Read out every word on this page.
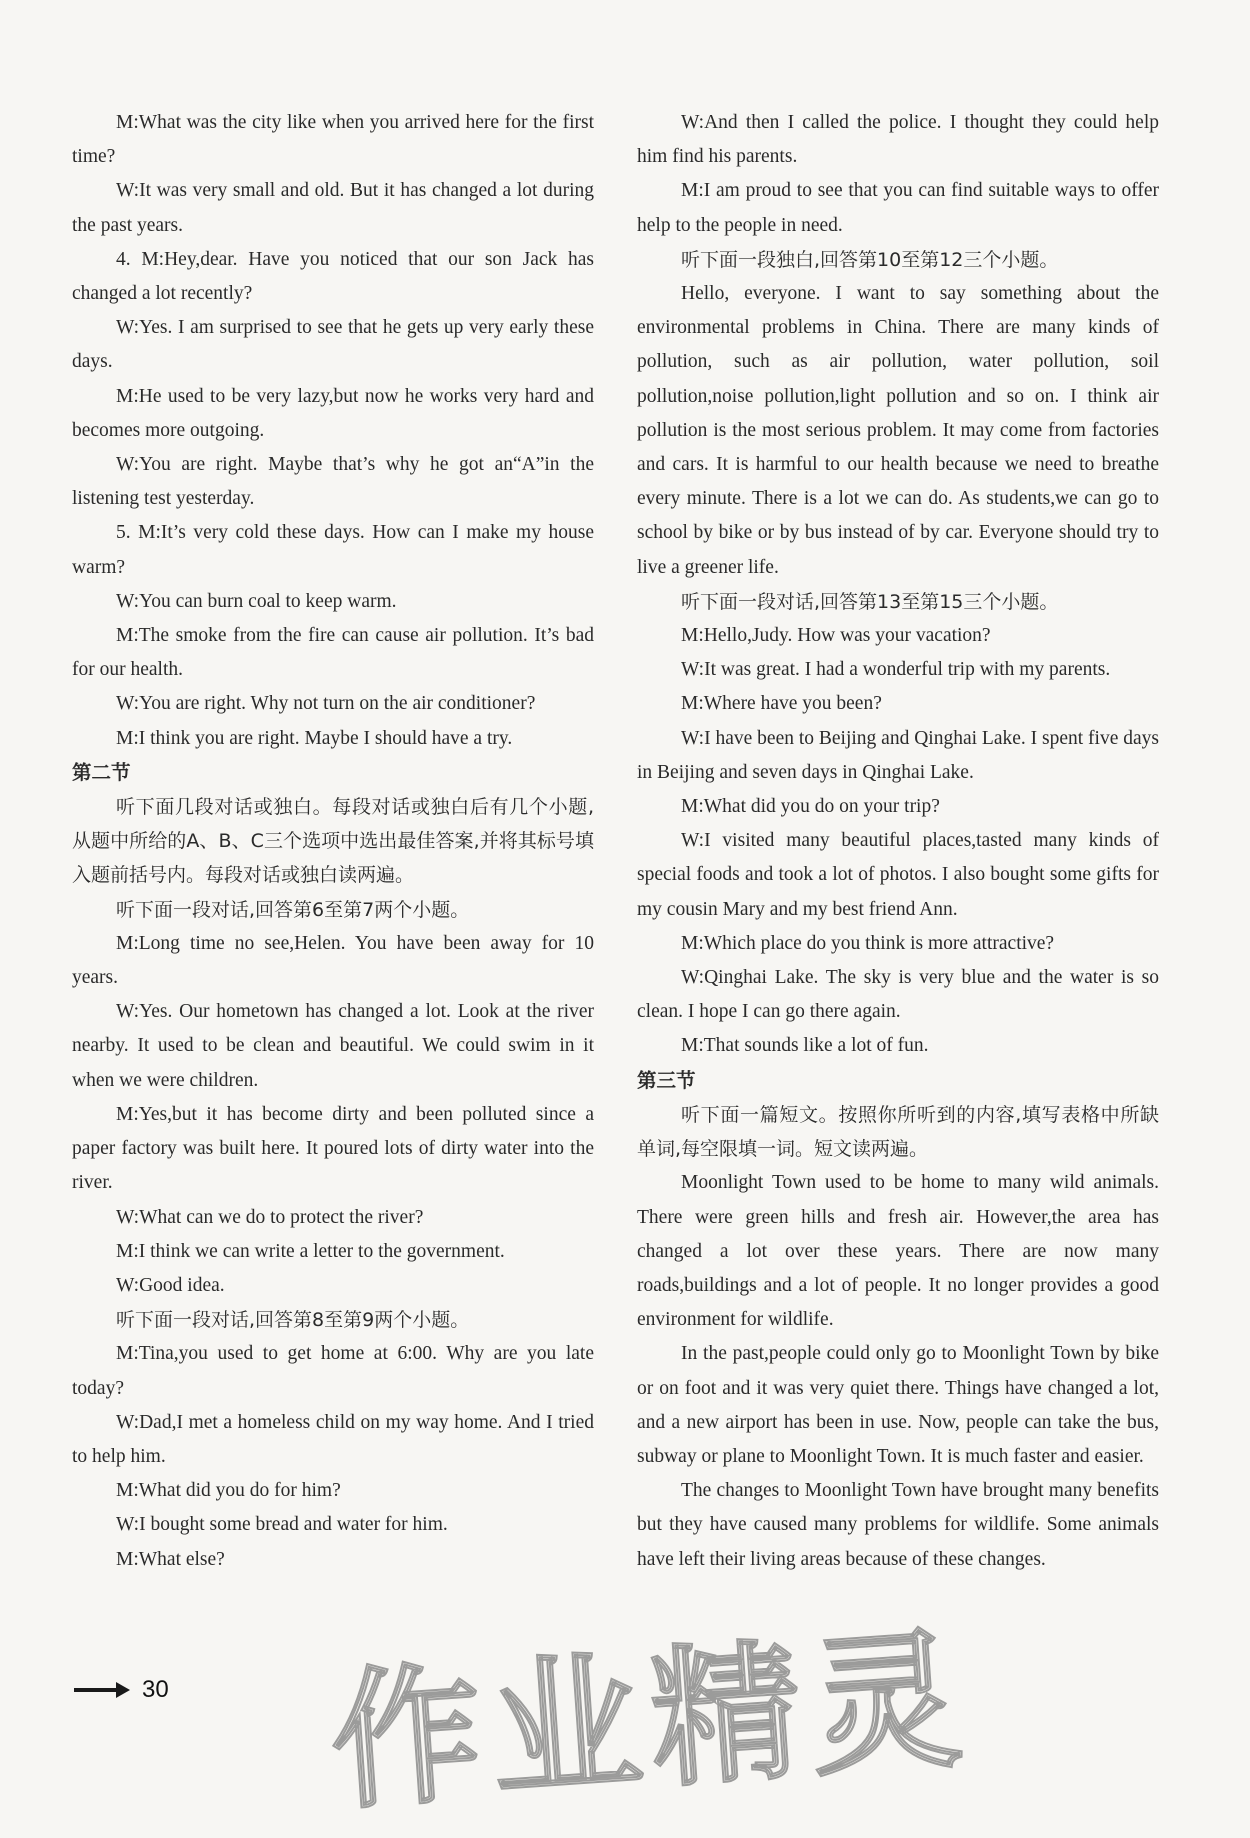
M:What was the city like when you arrived here for the first time?

W:It was very small and old. But it has changed a lot during the past years.

4. M:Hey,dear. Have you noticed that our son Jack has changed a lot recently?

W:Yes. I am surprised to see that he gets up very early these days.

M:He used to be very lazy,but now he works very hard and becomes more outgoing.

W:You are right. Maybe that’s why he got an“A”in the listening test yesterday.

5. M:It’s very cold these days. How can I make my house warm?

W:You can burn coal to keep warm.

M:The smoke from the fire can cause air pollution. It’s bad for our health.

W:You are right. Why not turn on the air conditioner?

M:I think you are right. Maybe I should have a try.

第二节

听下面几段对话或独白。每段对话或独白后有几个小题,从题中所给的A、B、C三个选项中选出最佳答案,并将其标号填入题前括号内。每段对话或独白读两遍。

听下面一段对话,回答第6至第7两个小题。

M:Long time no see,Helen. You have been away for 10 years.

W:Yes. Our hometown has changed a lot. Look at the river nearby. It used to be clean and beautiful. We could swim in it when we were children.

M:Yes,but it has become dirty and been polluted since a paper factory was built here. It poured lots of dirty water into the river.

W:What can we do to protect the river?

M:I think we can write a letter to the government.

W:Good idea.

听下面一段对话,回答第8至第9两个小题。

M:Tina,you used to get home at 6:00. Why are you late today?

W:Dad,I met a homeless child on my way home. And I tried to help him.

M:What did you do for him?

W:I bought some bread and water for him.

M:What else?

W:And then I called the police. I thought they could help him find his parents.

M:I am proud to see that you can find suitable ways to offer help to the people in need.

听下面一段独白,回答第10至第12三个小题。

Hello, everyone. I want to say something about the environmental problems in China. There are many kinds of pollution, such as air pollution, water pollution, soil pollution,noise pollution,light pollution and so on. I think air pollution is the most serious problem. It may come from factories and cars. It is harmful to our health because we need to breathe every minute. There is a lot we can do. As students,we can go to school by bike or by bus instead of by car. Everyone should try to live a greener life.

听下面一段对话,回答第13至第15三个小题。

M:Hello,Judy. How was your vacation?

W:It was great. I had a wonderful trip with my parents.

M:Where have you been?

W:I have been to Beijing and Qinghai Lake. I spent five days in Beijing and seven days in Qinghai Lake.

M:What did you do on your trip?

W:I visited many beautiful places,tasted many kinds of special foods and took a lot of photos. I also bought some gifts for my cousin Mary and my best friend Ann.

M:Which place do you think is more attractive?

W:Qinghai Lake. The sky is very blue and the water is so clean. I hope I can go there again.

M:That sounds like a lot of fun.

第三节

听下面一篇短文。按照你所听到的内容,填写表格中所缺单词,每空限填一词。短文读两遍。

Moonlight Town used to be home to many wild animals. There were green hills and fresh air. However,the area has changed a lot over these years. There are now many roads,buildings and a lot of people. It no longer provides a good environment for wildlife.

In the past,people could only go to Moonlight Town by bike or on foot and it was very quiet there. Things have changed a lot, and a new airport has been in use. Now, people can take the bus, subway or plane to Moonlight Town. It is much faster and easier.

The changes to Moonlight Town have brought many benefits but they have caused many problems for wildlife. Some animals have left their living areas because of these changes.

作业精灵
30
